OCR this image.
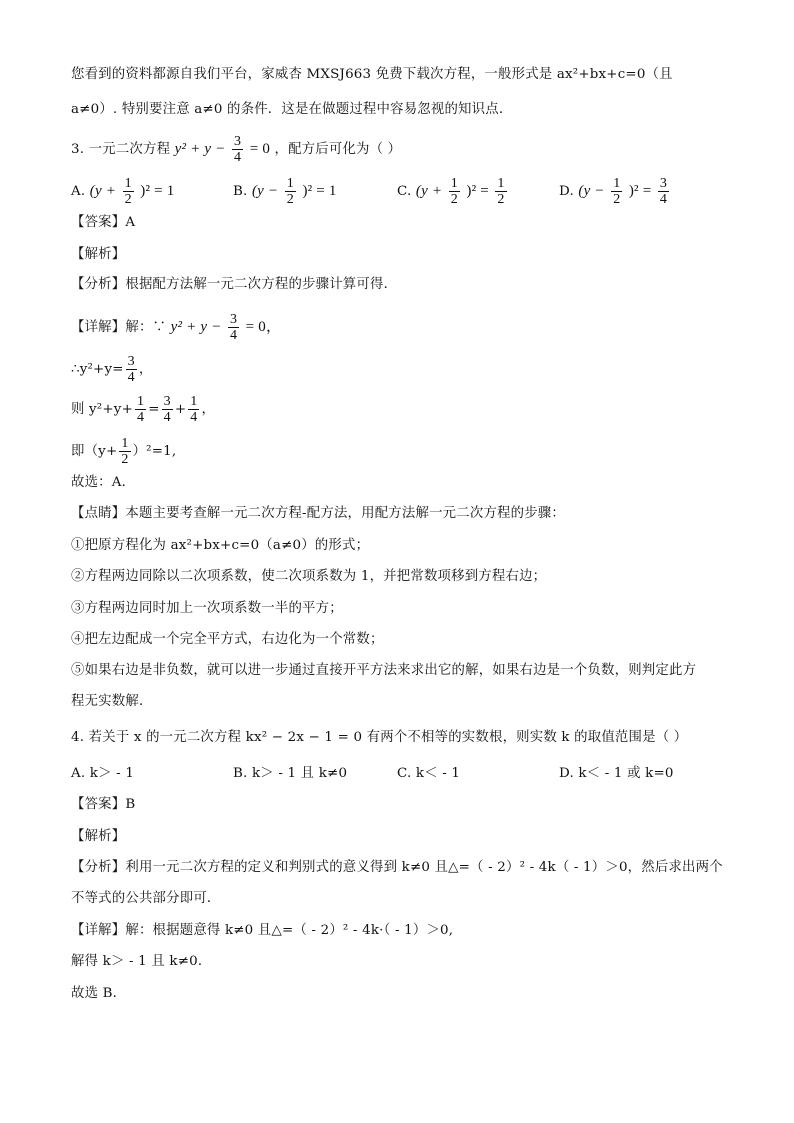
您看到的资料都源自我们平台，家威杏 MXSJ663 免费下载次方程，一般形式是 ax²+bx+c=0（且
a≠0）. 特别要注意 a≠0 的条件．这是在做题过程中容易忽视的知识点．
3. 一元二次方程 $y^2 + y - \frac{3}{4} = 0$ ，配方后可化为（ ）
A. $(y + \frac{1}{2} )^2 = 1$	B. $(y - \frac{1}{2} )^2 = 1$	C. $(y + \frac{1}{2} )^2 = \frac{1}{2}$	D. $(y - \frac{1}{2} )^2 = \frac{3}{4}$
【答案】A
【解析】
【分析】根据配方法解一元二次方程的步骤计算可得．
【详解】解：∵ $y^2 + y - \frac{3}{4} = 0$，
∴y²+y= $\frac{3}{4}$ ，
则 $y^2+y+ \frac{1}{4} = \frac{3}{4} + \frac{1}{4}$ ，
即$(y+ \frac{1}{2} )^2=1$,
故选：A．
【点睛】本题主要考查解一元二次方程-配方法，用配方法解一元二次方程的步骤：
①把原方程化为 ax²+bx+c=0（a≠0）的形式；
②方程两边同除以二次项系数，使二次项系数为 1，并把常数项移到方程右边；
③方程两边同时加上一次项系数一半的平方；
④把左边配成一个完全平方式，右边化为一个常数；
⑤如果右边是非负数，就可以进一步通过直接开平方法来求出它的解，如果右边是一个负数，则判定此方
程无实数解．
4. 若关于 x 的一元二次方程 kx² − 2x − 1 = 0 有两个不相等的实数根，则实数 k 的取值范围是（ ）
A. k＞ - 1	B. k＞ - 1 且 k≠0	C. k＜ - 1	D. k＜ - 1 或 k=0
【答案】B
【解析】
【分析】利用一元二次方程的定义和判别式的意义得到 k≠0 且△=（ - 2）² - 4k（ - 1）＞0，然后求出两个
不等式的公共部分即可．
【详解】解：根据题意得 k≠0 且△=（ - 2）² - 4k·（ - 1）＞0,
解得 k＞ - 1 且 k≠0．
故选 B．
